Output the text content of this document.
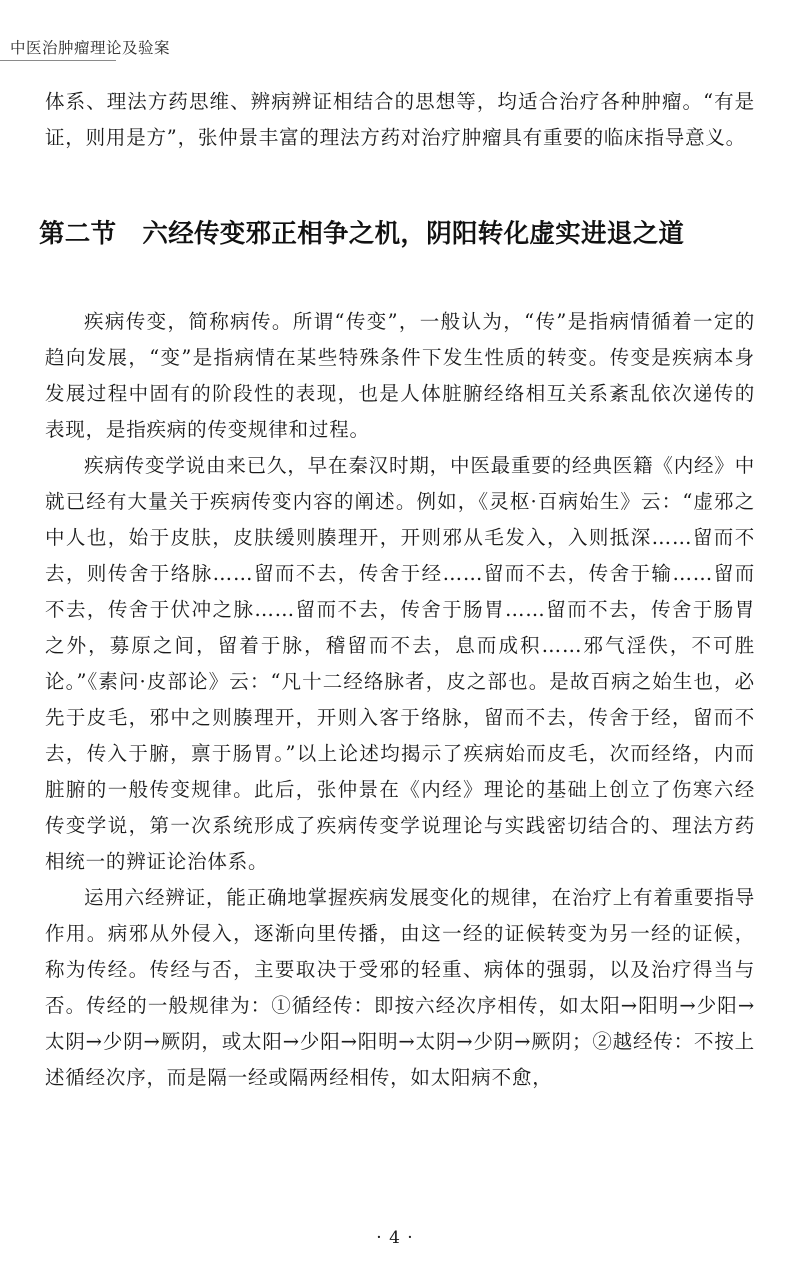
中医治肿瘤理论及验案

体系、理法方药思维、辨病辨证相结合的思想等，均适合治疗各种肿瘤。“有是证，则用是方”，张仲景丰富的理法方药对治疗肿瘤具有重要的临床指导意义。

第二节 六经传变邪正相争之机，阴阳转化虚实进退之道

疾病传变，简称病传。所谓“传变”，一般认为，“传”是指病情循着一定的趋向发展，“变”是指病情在某些特殊条件下发生性质的转变。传变是疾病本身发展过程中固有的阶段性的表现，也是人体脏腑经络相互关系紊乱依次递传的表现，是指疾病的传变规律和过程。

疾病传变学说由来已久，早在秦汉时期，中医最重要的经典医籍《内经》中就已经有大量关于疾病传变内容的阐述。例如，《灵枢·百病始生》云：“虚邪之中人也，始于皮肤，皮肤缓则腠理开，开则邪从毛发入，入则抵深……留而不去，则传舍于络脉……留而不去，传舍于经……留而不去，传舍于输……留而不去，传舍于伏冲之脉……留而不去，传舍于肠胃……留而不去，传舍于肠胃之外，募原之间，留着于脉，稽留而不去，息而成积……邪气淫佚，不可胜论。”《素问·皮部论》云：“凡十二经络脉者，皮之部也。是故百病之始生也，必先于皮毛，邪中之则腠理开，开则入客于络脉，留而不去，传舍于经，留而不去，传入于腑，禀于肠胃。”以上论述均揭示了疾病始而皮毛，次而经络，内而脏腑的一般传变规律。此后，张仲景在《内经》理论的基础上创立了伤寒六经传变学说，第一次系统形成了疾病传变学说理论与实践密切结合的、理法方药相统一的辨证论治体系。

运用六经辨证，能正确地掌握疾病发展变化的规律，在治疗上有着重要指导作用。病邪从外侵入，逐渐向里传播，由这一经的证候转变为另一经的证候，称为传经。传经与否，主要取决于受邪的轻重、病体的强弱，以及治疗得当与否。传经的一般规律为：①循经传：即按六经次序相传，如太阳→阳明→少阳→太阴→少阴→厥阴，或太阳→少阳→阳明→太阴→少阴→厥阴；②越经传：不按上述循经次序，而是隔一经或隔两经相传，如太阳病不愈，

· 4 ·
